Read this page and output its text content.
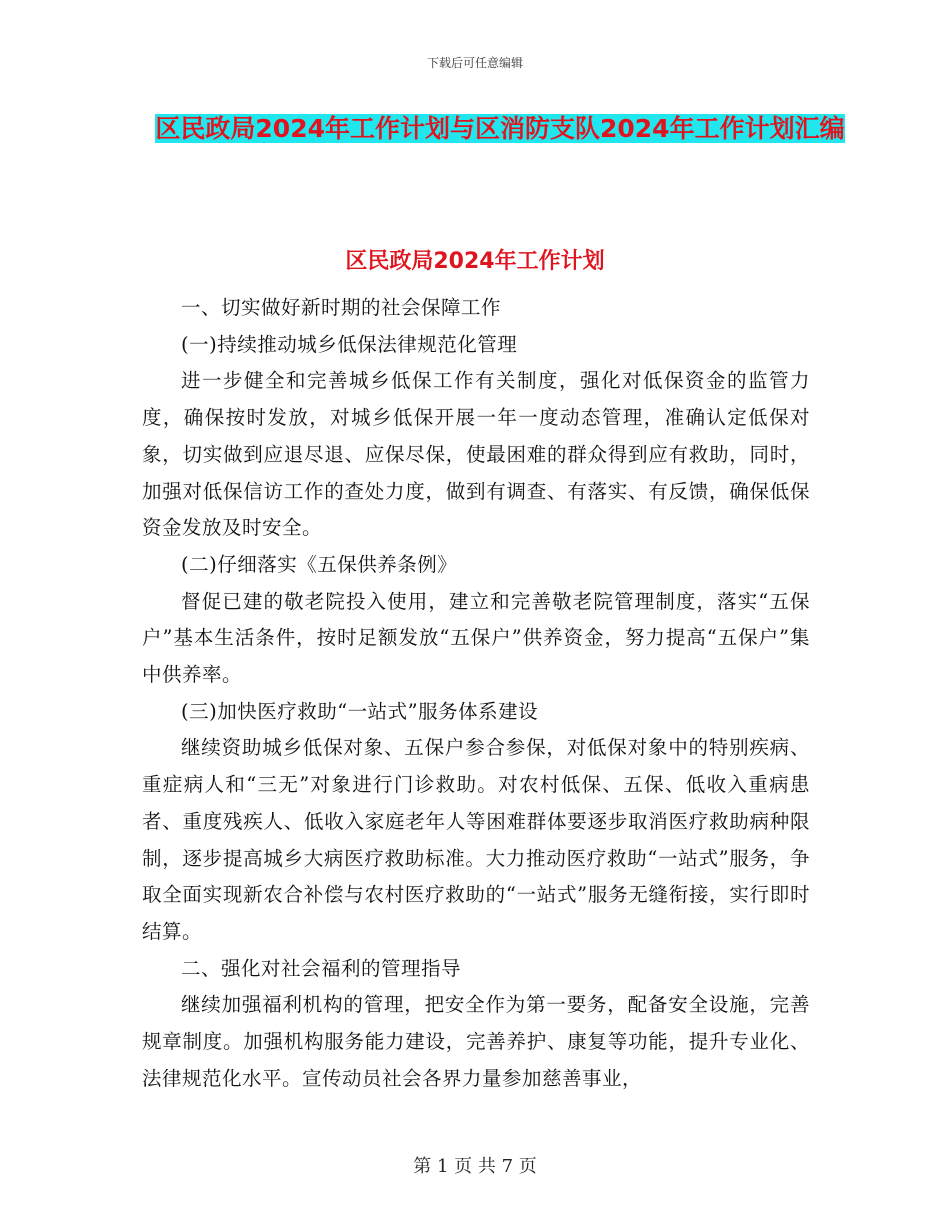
下载后可任意编辑
区民政局2024年工作计划与区消防支队2024年工作计划汇编
区民政局2024年工作计划

一、切实做好新时期的社会保障工作

(一)持续推动城乡低保法律规范化管理

进一步健全和完善城乡低保工作有关制度，强化对低保资金的监管力度，确保按时发放，对城乡低保开展一年一度动态管理，准确认定低保对象，切实做到应退尽退、应保尽保，使最困难的群众得到应有救助，同时，加强对低保信访工作的查处力度，做到有调查、有落实、有反馈，确保低保资金发放及时安全。

(二)仔细落实《五保供养条例》

督促已建的敬老院投入使用，建立和完善敬老院管理制度，落实“五保户”基本生活条件，按时足额发放“五保户”供养资金，努力提高“五保户”集中供养率。

(三)加快医疗救助“一站式”服务体系建设

继续资助城乡低保对象、五保户参合参保，对低保对象中的特别疾病、重症病人和“三无”对象进行门诊救助。对农村低保、五保、低收入重病患者、重度残疾人、低收入家庭老年人等困难群体要逐步取消医疗救助病种限制，逐步提高城乡大病医疗救助标准。大力推动医疗救助“一站式”服务，争取全面实现新农合补偿与农村医疗救助的“一站式”服务无缝衔接，实行即时结算。

二、强化对社会福利的管理指导

继续加强福利机构的管理，把安全作为第一要务，配备安全设施，完善规章制度。加强机构服务能力建设，完善养护、康复等功能，提升专业化、法律规范化水平。宣传动员社会各界力量参加慈善事业，

第 1 页 共 7 页
